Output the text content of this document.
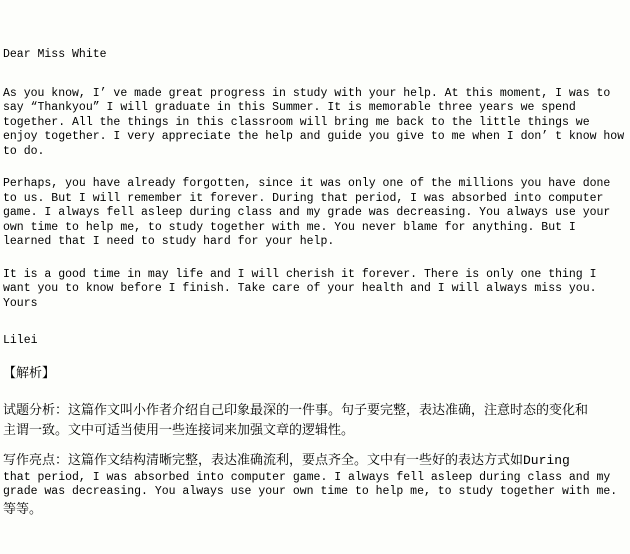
Dear Miss White
As you know, I’ ve made great progress in study with your help. At this moment, I was to
say “Thankyou” I will graduate in this Summer. It is memorable three years we spend
together. All the things in this classroom will bring me back to the little things we
enjoy together. I very appreciate the help and guide you give to me when I don’ t know how
to do.
Perhaps, you have already forgotten, since it was only one of the millions you have done
to us. But I will remember it forever. During that period, I was absorbed into computer
game. I always fell asleep during class and my grade was decreasing. You always use your
own time to help me, to study together with me. You never blame for anything. But I
learned that I need to study hard for your help.
It is a good time in may life and I will cherish it forever. There is only one thing I
want you to know before I finish. Take care of your health and I will always miss you.
Yours
Lilei
【解析】
试题分析：这篇作文叫小作者介绍自己印象最深的一件事。句子要完整，表达准确，注意时态的变化和
主谓一致。文中可适当使用一些连接词来加强文章的逻辑性。
写作亮点：这篇作文结构清晰完整，表达准确流利，要点齐全。文中有一些好的表达方式如During
that period, I was absorbed into computer game. I always fell asleep during class and my
grade was decreasing. You always use your own time to help me, to study together with me.
等等。
